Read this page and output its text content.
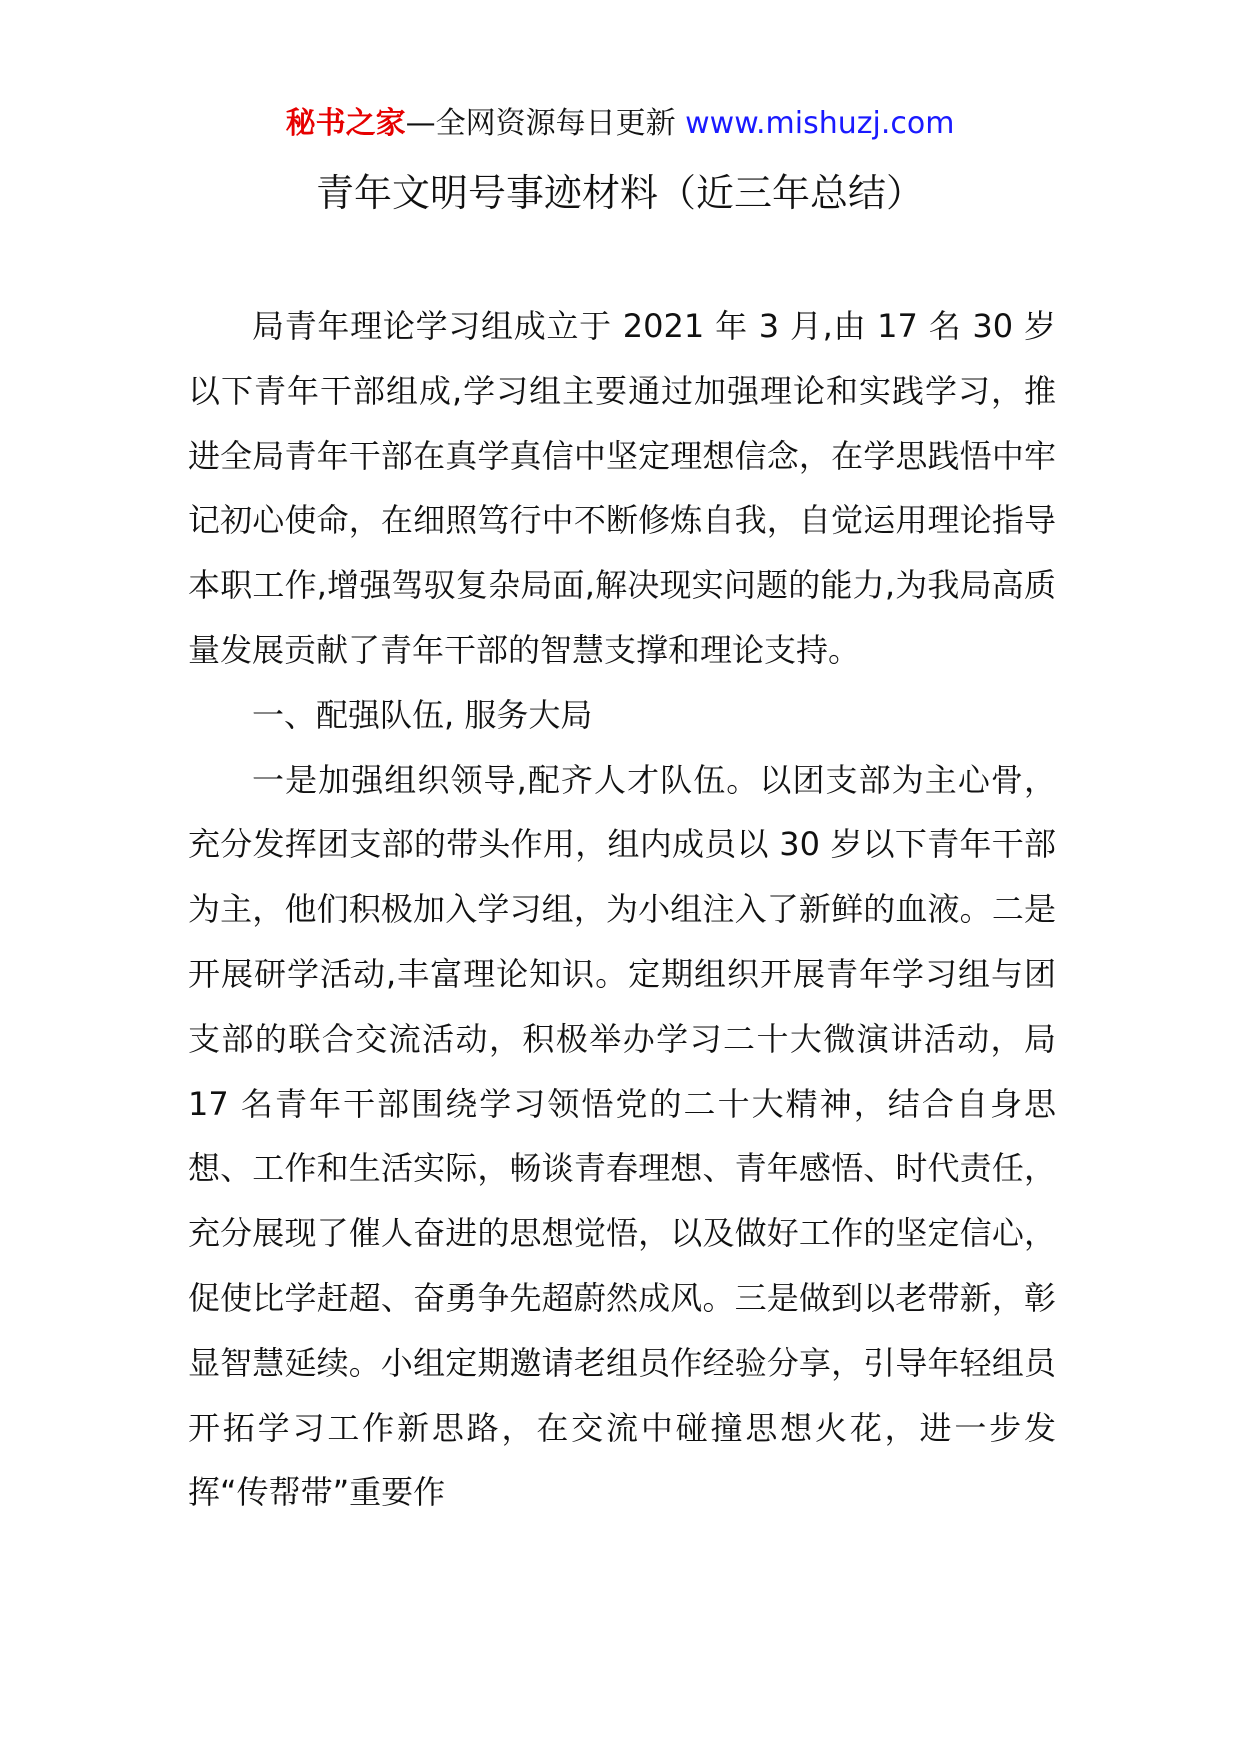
秘书之家—全网资源每日更新 www.mishuzj.com
青年文明号事迹材料（近三年总结）

局青年理论学习组成立于 2021 年 3 月,由 17 名 30 岁以下青年干部组成,学习组主要通过加强理论和实践学习，推进全局青年干部在真学真信中坚定理想信念，在学思践悟中牢记初心使命，在细照笃行中不断修炼自我，自觉运用理论指导本职工作,增强驾驭复杂局面,解决现实问题的能力,为我局高质量发展贡献了青年干部的智慧支撑和理论支持。

一、配强队伍, 服务大局

一是加强组织领导,配齐人才队伍。以团支部为主心骨，充分发挥团支部的带头作用，组内成员以 30 岁以下青年干部为主，他们积极加入学习组，为小组注入了新鲜的血液。二是开展研学活动,丰富理论知识。定期组织开展青年学习组与团支部的联合交流活动，积极举办学习二十大微演讲活动，局 17 名青年干部围绕学习领悟党的二十大精神，结合自身思想、工作和生活实际，畅谈青春理想、青年感悟、时代责任，充分展现了催人奋进的思想觉悟，以及做好工作的坚定信心，促使比学赶超、奋勇争先超蔚然成风。三是做到以老带新，彰显智慧延续。小组定期邀请老组员作经验分享，引导年轻组员开拓学习工作新思路，在交流中碰撞思想火花，进一步发挥“传帮带”重要作
